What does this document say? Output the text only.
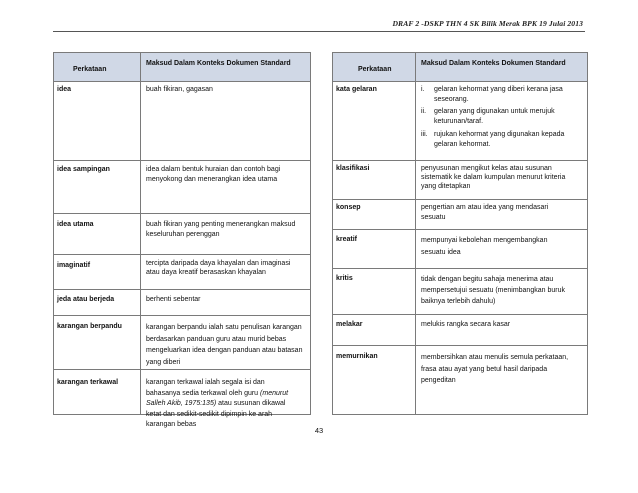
DRAF 2 -DSKP THN 4 SK Bilik Merak BPK 19 Julai 2013
Perkataan
Maksud Dalam Konteks Dokumen Standard
idea	buah fikiran, gagasan
idea sampingan	idea dalam bentuk huraian dan contoh bagi menyokong dan menerangkan idea utama
idea utama	buah fikiran yang penting menerangkan maksud keseluruhan perenggan
imaginatif	tercipta daripada daya khayalan dan imaginasi atau daya kreatif berasaskan khayalan
jeda atau berjeda	berhenti sebentar
karangan berpandu	karangan berpandu ialah satu penulisan karangan berdasarkan panduan guru atau murid bebas mengeluarkan idea dengan panduan atau batasan yang diberi
karangan terkawal	karangan terkawal ialah segala isi dan bahasanya sedia terkawal oleh guru (menurut Salleh Akib, 1975:135) atau susunan dikawal ketat dan sedikit-sedikit dipimpin ke arah karangan bebas
Perkataan
Maksud Dalam Konteks Dokumen Standard
kata gelaran	i. gelaran kehormat yang diberi kerana jasa seseorang.
ii. gelaran yang digunakan untuk merujuk keturunan/taraf.
iii. rujukan kehormat yang digunakan kepada gelaran kehormat.
klasifikasi	penyusunan mengikut kelas atau susunan sistematik ke dalam kumpulan menurut kriteria yang ditetapkan
konsep	pengertian am atau idea yang mendasari sesuatu
kreatif	mempunyai kebolehan mengembangkan sesuatu idea
kritis	tidak dengan begitu sahaja menerima atau mempersetujui sesuatu (menimbangkan buruk baiknya terlebih dahulu)
melakar	melukis rangka secara kasar
memurnikan	membersihkan atau menulis semula perkataan, frasa atau ayat yang betul hasil daripada pengeditan
43
